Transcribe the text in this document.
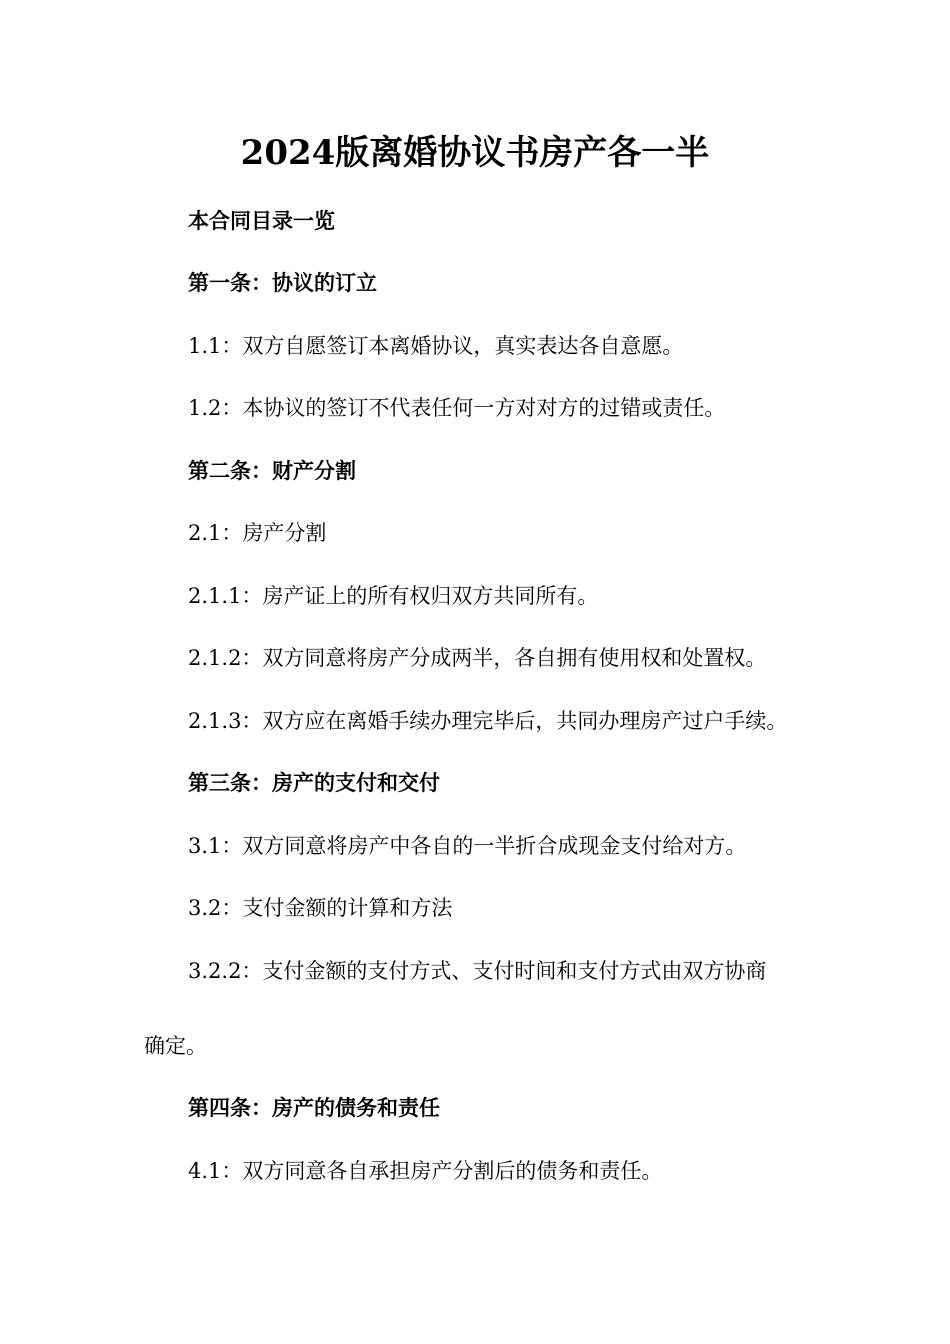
2024版离婚协议书房产各一半

本合同目录一览

第一条：协议的订立

1.1：双方自愿签订本离婚协议，真实表达各自意愿。

1.2：本协议的签订不代表任何一方对对方的过错或责任。

第二条：财产分割

2.1：房产分割

2.1.1：房产证上的所有权归双方共同所有。

2.1.2：双方同意将房产分成两半，各自拥有使用权和处置权。

2.1.3：双方应在离婚手续办理完毕后，共同办理房产过户手续。

第三条：房产的支付和交付

3.1：双方同意将房产中各自的一半折合成现金支付给对方。

3.2：支付金额的计算和方法

3.2.2：支付金额的支付方式、支付时间和支付方式由双方协商

确定。

第四条：房产的债务和责任

4.1：双方同意各自承担房产分割后的债务和责任。
